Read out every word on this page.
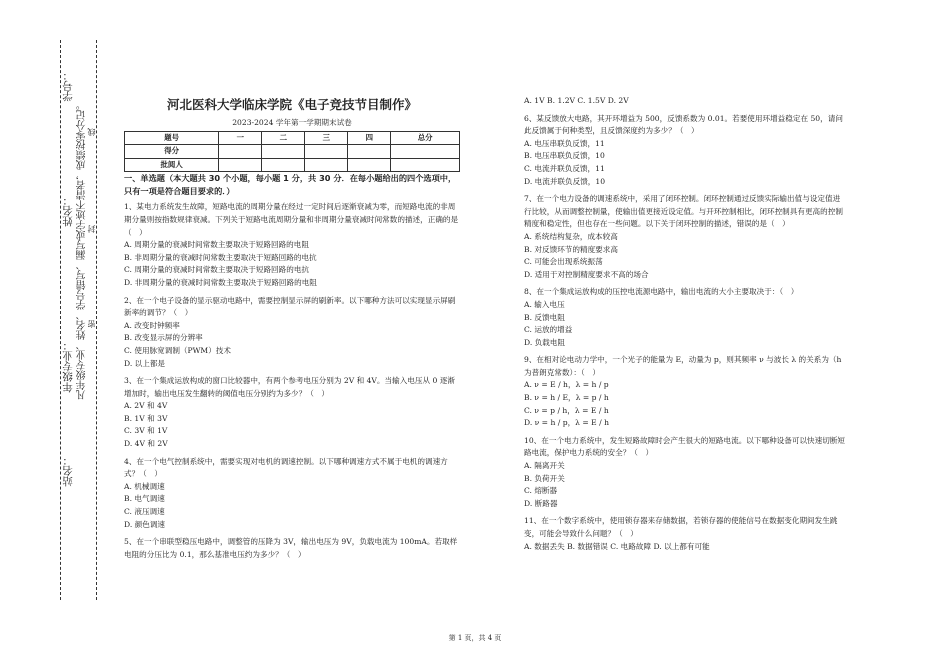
学号：
姓名：
年级专业：
站名：
凡年级专业、姓名、学号错写、漏写或字迹不清者，成绩按零分记。 密
封
线
河北医科大学临床学院《电子竞技节目制作》
2023-2024 学年第一学期期末试卷
题号	一	二	三	四	总分
得分					
批阅人					
一、单选题（本大题共 30 个小题，每小题 1 分，共 30 分．在每小题给出的四个选项中，只有一项是符合题目要求的．）

1、某电力系统发生故障，短路电流的周期分量在经过一定时间后逐渐衰减为零，而短路电流的非周期分量则按指数规律衰减。下列关于短路电流周期分量和非周期分量衰减时间常数的描述，正确的是（　）

A. 周期分量的衰减时间常数主要取决于短路回路的电阻

B. 非周期分量的衰减时间常数主要取决于短路回路的电抗

C. 周期分量的衰减时间常数主要取决于短路回路的电抗

D. 非周期分量的衰减时间常数主要取决于短路回路的电阻

2、在一个电子设备的显示驱动电路中，需要控制显示屏的刷新率。以下哪种方法可以实现显示屏刷新率的调节？（　）

A. 改变时钟频率

B. 改变显示屏的分辨率

C. 使用脉宽调制（PWM）技术

D. 以上都是

3、在一个集成运放构成的窗口比较器中，有两个参考电压分别为 2V 和 4V。当输入电压从 0 逐渐增加时，输出电压发生翻转的阈值电压分别约为多少？（　）

A. 2V 和 4V

B. 1V 和 3V

C. 3V 和 1V

D. 4V 和 2V

4、在一个电气控制系统中，需要实现对电机的调速控制。以下哪种调速方式不属于电机的调速方式？（　）

A. 机械调速

B. 电气调速

C. 液压调速

D. 颜色调速

5、在一个串联型稳压电路中，调整管的压降为 3V，输出电压为 9V，负载电流为 100mA。若取样电阻的分压比为 0.1，那么基准电压约为多少？（　）

A. 1V B. 1.2V C. 1.5V D. 2V

6、某反馈放大电路，其开环增益为 500，反馈系数为 0.01。若要使用环增益稳定在 50，请问此反馈属于何种类型，且反馈深度约为多少？（　）

A. 电压串联负反馈，11

B. 电压串联负反馈，10

C. 电流并联负反馈，11

D. 电流并联负反馈，10

7、在一个电力设备的调速系统中，采用了闭环控制。闭环控制通过反馈实际输出值与设定值进行比较，从而调整控制量，使输出值更接近设定值。与开环控制相比，闭环控制具有更高的控制精度和稳定性，但也存在一些问题。以下关于闭环控制的描述，错误的是（　）

A. 系统结构复杂，成本较高

B. 对反馈环节的精度要求高

C. 可能会出现系统振荡

D. 适用于对控制精度要求不高的场合

8、在一个集成运放构成的压控电流源电路中，输出电流的大小主要取决于：（　）

A. 输入电压

B. 反馈电阻

C. 运放的增益

D. 负载电阻

9、在相对论电动力学中，一个光子的能量为 E，动量为 p，则其频率 ν 与波长 λ 的关系为（h 为普朗克常数）：（　）

A. ν = E / h，λ = h / p

B. ν = h / E，λ = p / h

C. ν = p / h，λ = E / h

D. ν = h / p，λ = E / h

10、在一个电力系统中，发生短路故障时会产生很大的短路电流。以下哪种设备可以快速切断短路电流，保护电力系统的安全？（　）

A. 隔离开关

B. 负荷开关

C. 熔断器

D. 断路器

11、在一个数字系统中，使用锁存器来存储数据，若锁存器的使能信号在数据变化期间发生跳变，可能会导致什么问题？（　）

A. 数据丢失 B. 数据错误 C. 电路故障 D. 以上都有可能

第 1 页，共 4 页
